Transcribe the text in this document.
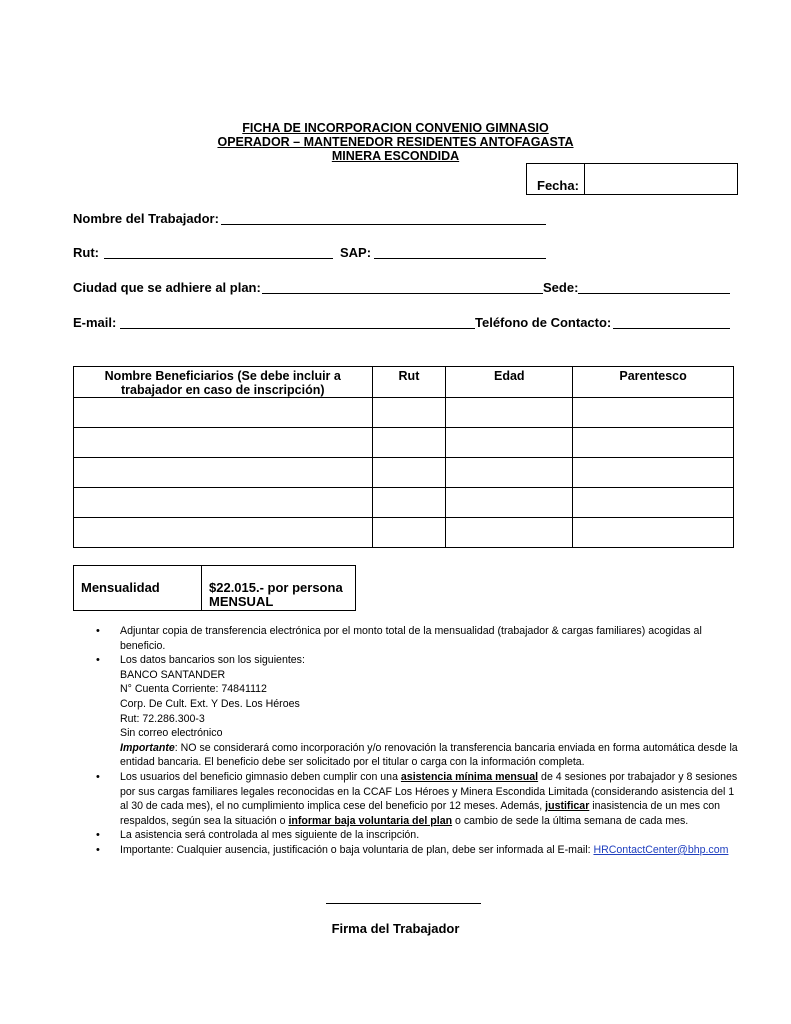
FICHA DE INCORPORACION CONVENIO GIMNASIO
OPERADOR – MANTENEDOR RESIDENTES ANTOFAGASTA
MINERA ESCONDIDA
Fecha:
Nombre del Trabajador:
Rut:	SAP:
Ciudad que se adhiere al plan:	Sede:
E-mail:	Teléfono de Contacto:
Nombre Beneficiarios (Se debe incluir a trabajador en caso de inscripción)	Rut	Edad	Parentesco

Mensualidad	$22.015.- por persona
MENSUAL
• Adjuntar copia de transferencia electrónica por el monto total de la mensualidad (trabajador & cargas familiares) acogidas al beneficio.
• Los datos bancarios son los siguientes:
BANCO SANTANDER
N° Cuenta Corriente: 74841112
Corp. De Cult. Ext. Y Des. Los Héroes
Rut: 72.286.300-3
Sin correo electrónico
Importante: NO se considerará como incorporación y/o renovación la transferencia bancaria enviada en forma automática desde la entidad bancaria. El beneficio debe ser solicitado por el titular o carga con la información completa.
• Los usuarios del beneficio gimnasio deben cumplir con una asistencia mínima mensual de 4 sesiones por trabajador y 8 sesiones por sus cargas familiares legales reconocidas en la CCAF Los Héroes y Minera Escondida Limitada (considerando asistencia del 1 al 30 de cada mes), el no cumplimiento implica cese del beneficio por 12 meses. Además, justificar inasistencia de un mes con respaldos, según sea la situación o informar baja voluntaria del plan o cambio de sede la última semana de cada mes.
• La asistencia será controlada al mes siguiente de la inscripción.
• Importante: Cualquier ausencia, justificación o baja voluntaria de plan, debe ser informada al E-mail: HRContactCenter@bhp.com
Firma del Trabajador
